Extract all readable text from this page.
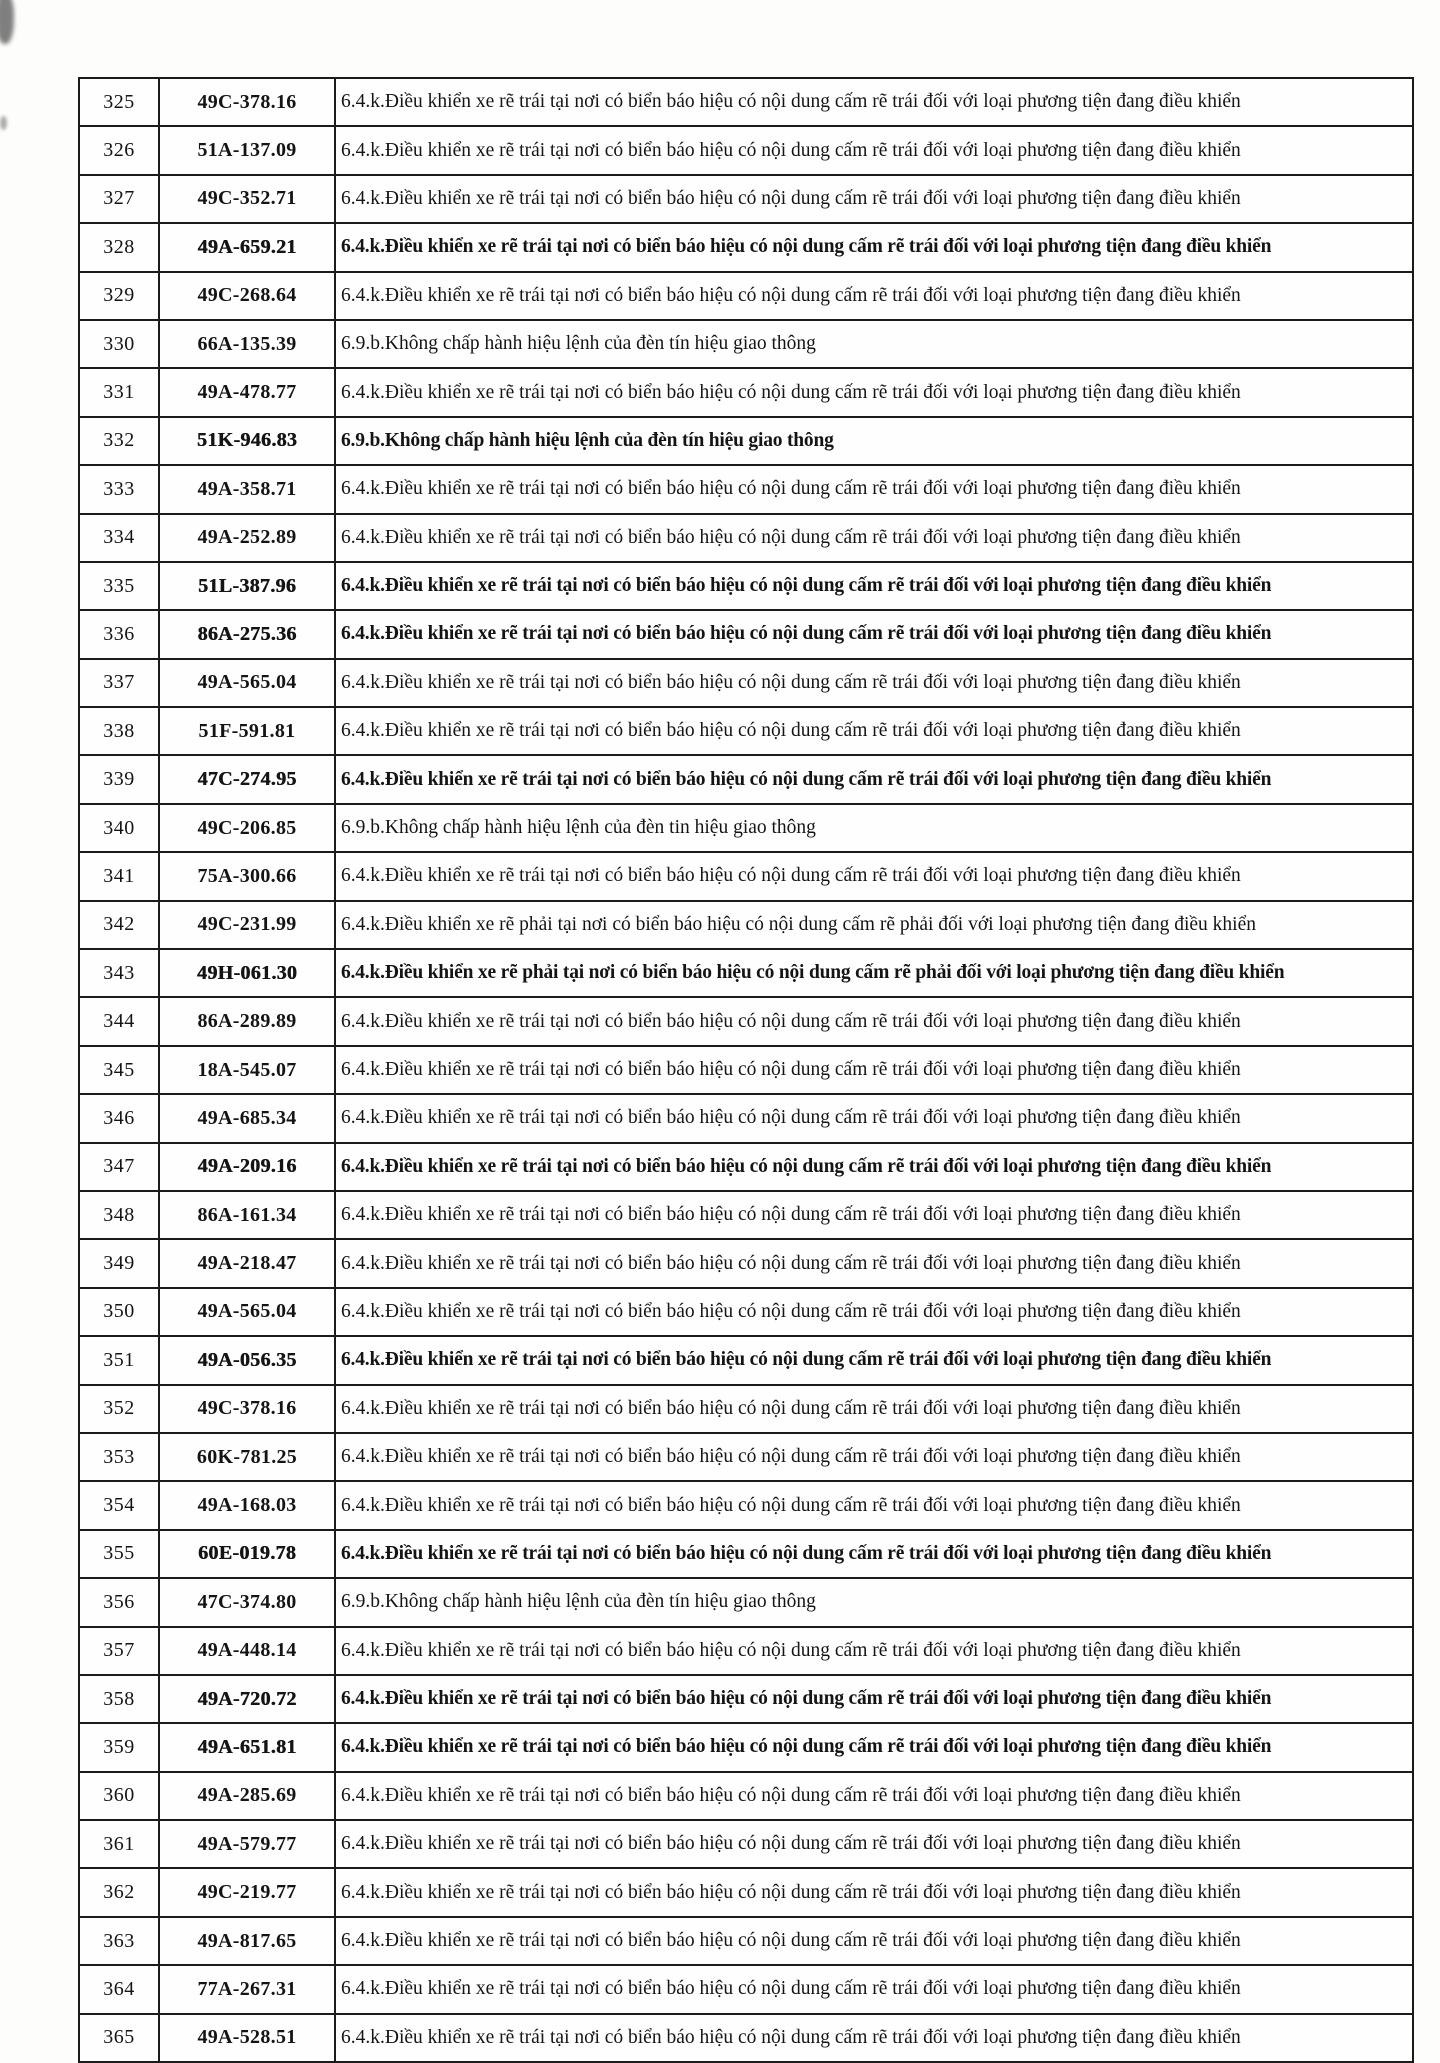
325	49C-378.16	6.4.k.Điều khiển xe rẽ trái tại nơi có biển báo hiệu có nội dung cấm rẽ trái đối với loại phương tiện đang điều khiển
326	51A-137.09	6.4.k.Điều khiển xe rẽ trái tại nơi có biển báo hiệu có nội dung cấm rẽ trái đối với loại phương tiện đang điều khiển
327	49C-352.71	6.4.k.Điều khiển xe rẽ trái tại nơi có biển báo hiệu có nội dung cấm rẽ trái đối với loại phương tiện đang điều khiển
328	49A-659.21	6.4.k.Điều khiển xe rẽ trái tại nơi có biển báo hiệu có nội dung cấm rẽ trái đối với loại phương tiện đang điều khiển
329	49C-268.64	6.4.k.Điều khiển xe rẽ trái tại nơi có biển báo hiệu có nội dung cấm rẽ trái đối với loại phương tiện đang điều khiển
330	66A-135.39	6.9.b.Không chấp hành hiệu lệnh của đèn tín hiệu giao thông
331	49A-478.77	6.4.k.Điều khiển xe rẽ trái tại nơi có biển báo hiệu có nội dung cấm rẽ trái đối với loại phương tiện đang điều khiển
332	51K-946.83	6.9.b.Không chấp hành hiệu lệnh của đèn tín hiệu giao thông
333	49A-358.71	6.4.k.Điều khiển xe rẽ trái tại nơi có biển báo hiệu có nội dung cấm rẽ trái đối với loại phương tiện đang điều khiển
334	49A-252.89	6.4.k.Điều khiển xe rẽ trái tại nơi có biển báo hiệu có nội dung cấm rẽ trái đối với loại phương tiện đang điều khiển
335	51L-387.96	6.4.k.Điều khiển xe rẽ trái tại nơi có biển báo hiệu có nội dung cấm rẽ trái đối với loại phương tiện đang điều khiển
336	86A-275.36	6.4.k.Điều khiển xe rẽ trái tại nơi có biển báo hiệu có nội dung cấm rẽ trái đối với loại phương tiện đang điều khiển
337	49A-565.04	6.4.k.Điều khiển xe rẽ trái tại nơi có biển báo hiệu có nội dung cấm rẽ trái đối với loại phương tiện đang điều khiển
338	51F-591.81	6.4.k.Điều khiển xe rẽ trái tại nơi có biển báo hiệu có nội dung cấm rẽ trái đối với loại phương tiện đang điều khiển
339	47C-274.95	6.4.k.Điều khiển xe rẽ trái tại nơi có biển báo hiệu có nội dung cấm rẽ trái đối với loại phương tiện đang điều khiển
340	49C-206.85	6.9.b.Không chấp hành hiệu lệnh của đèn tin hiệu giao thông
341	75A-300.66	6.4.k.Điều khiển xe rẽ trái tại nơi có biển báo hiệu có nội dung cấm rẽ trái đối với loại phương tiện đang điều khiển
342	49C-231.99	6.4.k.Điều khiển xe rẽ phải tại nơi có biển báo hiệu có nội dung cấm rẽ phải đối với loại phương tiện đang điều khiển
343	49H-061.30	6.4.k.Điều khiển xe rẽ phải tại nơi có biển báo hiệu có nội dung cấm rẽ phải đối với loại phương tiện đang điều khiển
344	86A-289.89	6.4.k.Điều khiển xe rẽ trái tại nơi có biển báo hiệu có nội dung cấm rẽ trái đối với loại phương tiện đang điều khiển
345	18A-545.07	6.4.k.Điều khiển xe rẽ trái tại nơi có biển báo hiệu có nội dung cấm rẽ trái đối với loại phương tiện đang điều khiển
346	49A-685.34	6.4.k.Điều khiển xe rẽ trái tại nơi có biển báo hiệu có nội dung cấm rẽ trái đối với loại phương tiện đang điều khiển
347	49A-209.16	6.4.k.Điều khiển xe rẽ trái tại nơi có biển báo hiệu có nội dung cấm rẽ trái đối với loại phương tiện đang điều khiển
348	86A-161.34	6.4.k.Điều khiển xe rẽ trái tại nơi có biển báo hiệu có nội dung cấm rẽ trái đối với loại phương tiện đang điều khiển
349	49A-218.47	6.4.k.Điều khiển xe rẽ trái tại nơi có biển báo hiệu có nội dung cấm rẽ trái đối với loại phương tiện đang điều khiển
350	49A-565.04	6.4.k.Điều khiển xe rẽ trái tại nơi có biển báo hiệu có nội dung cấm rẽ trái đối với loại phương tiện đang điều khiển
351	49A-056.35	6.4.k.Điều khiển xe rẽ trái tại nơi có biển báo hiệu có nội dung cấm rẽ trái đối với loại phương tiện đang điều khiển
352	49C-378.16	6.4.k.Điều khiển xe rẽ trái tại nơi có biển báo hiệu có nội dung cấm rẽ trái đối với loại phương tiện đang điều khiển
353	60K-781.25	6.4.k.Điều khiển xe rẽ trái tại nơi có biển báo hiệu có nội dung cấm rẽ trái đối với loại phương tiện đang điều khiển
354	49A-168.03	6.4.k.Điều khiển xe rẽ trái tại nơi có biển báo hiệu có nội dung cấm rẽ trái đối với loại phương tiện đang điều khiển
355	60E-019.78	6.4.k.Điều khiển xe rẽ trái tại nơi có biển báo hiệu có nội dung cấm rẽ trái đối với loại phương tiện đang điều khiển
356	47C-374.80	6.9.b.Không chấp hành hiệu lệnh của đèn tín hiệu giao thông
357	49A-448.14	6.4.k.Điều khiển xe rẽ trái tại nơi có biển báo hiệu có nội dung cấm rẽ trái đối với loại phương tiện đang điều khiển
358	49A-720.72	6.4.k.Điều khiển xe rẽ trái tại nơi có biển báo hiệu có nội dung cấm rẽ trái đối với loại phương tiện đang điều khiển
359	49A-651.81	6.4.k.Điều khiển xe rẽ trái tại nơi có biển báo hiệu có nội dung cấm rẽ trái đối với loại phương tiện đang điều khiển
360	49A-285.69	6.4.k.Điều khiển xe rẽ trái tại nơi có biển báo hiệu có nội dung cấm rẽ trái đối với loại phương tiện đang điều khiển
361	49A-579.77	6.4.k.Điều khiển xe rẽ trái tại nơi có biển báo hiệu có nội dung cấm rẽ trái đối với loại phương tiện đang điều khiển
362	49C-219.77	6.4.k.Điều khiển xe rẽ trái tại nơi có biển báo hiệu có nội dung cấm rẽ trái đối với loại phương tiện đang điều khiển
363	49A-817.65	6.4.k.Điều khiển xe rẽ trái tại nơi có biển báo hiệu có nội dung cấm rẽ trái đối với loại phương tiện đang điều khiển
364	77A-267.31	6.4.k.Điều khiển xe rẽ trái tại nơi có biển báo hiệu có nội dung cấm rẽ trái đối với loại phương tiện đang điều khiển
365	49A-528.51	6.4.k.Điều khiển xe rẽ trái tại nơi có biển báo hiệu có nội dung cấm rẽ trái đối với loại phương tiện đang điều khiển
